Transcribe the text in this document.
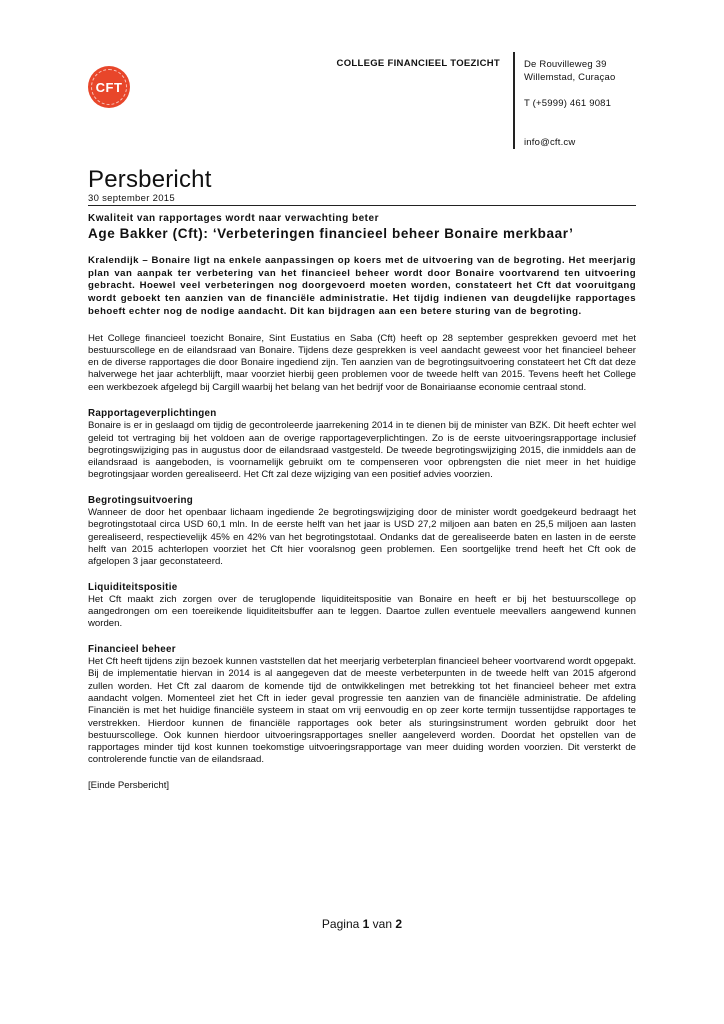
CFT
COLLEGE FINANCIEEL TOEZICHT	De Rouvilleweg 39
Willemstad, Curaçao
T (+5999) 461 9081
info@cft.cw
Persbericht
30 september 2015
Kwaliteit van rapportages wordt naar verwachting beter
Age Bakker (Cft): ‘Verbeteringen financieel beheer Bonaire merkbaar’

Kralendijk – Bonaire ligt na enkele aanpassingen op koers met de uitvoering van de begroting. Het meerjarig plan van aanpak ter verbetering van het financieel beheer wordt door Bonaire voortvarend ten uitvoering gebracht. Hoewel veel verbeteringen nog doorgevoerd moeten worden, constateert het Cft dat vooruitgang wordt geboekt ten aanzien van de financiële administratie. Het tijdig indienen van deugdelijke rapportages behoeft echter nog de nodige aandacht. Dit kan bijdragen aan een betere sturing van de begroting.

Het College financieel toezicht Bonaire, Sint Eustatius en Saba (Cft) heeft op 28 september gesprekken gevoerd met het bestuurscollege en de eilandsraad van Bonaire. Tijdens deze gesprekken is veel aandacht geweest voor het financieel beheer en de diverse rapportages die door Bonaire ingediend zijn. Ten aanzien van de begrotingsuitvoering constateert het Cft dat deze halverwege het jaar achterblijft, maar voorziet hierbij geen problemen voor de tweede helft van 2015. Tevens heeft het College een werkbezoek afgelegd bij Cargill waarbij het belang van het bedrijf voor de Bonairiaanse economie centraal stond.

Rapportageverplichtingen

Bonaire is er in geslaagd om tijdig de gecontroleerde jaarrekening 2014 in te dienen bij de minister van BZK. Dit heeft echter wel geleid tot vertraging bij het voldoen aan de overige rapportageverplichtingen. Zo is de eerste uitvoeringsrapportage inclusief begrotingswijziging pas in augustus door de eilandsraad vastgesteld. De tweede begrotingswijziging 2015, die inmiddels aan de eilandsraad is aangeboden, is voornamelijk gebruikt om te compenseren voor opbrengsten die niet meer in het huidige begrotingsjaar worden gerealiseerd. Het Cft zal deze wijziging van een positief advies voorzien.

Begrotingsuitvoering

Wanneer de door het openbaar lichaam ingediende 2e begrotingswijziging door de minister wordt goedgekeurd bedraagt het begrotingstotaal circa USD 60,1 mln. In de eerste helft van het jaar is USD 27,2 miljoen aan baten en 25,5 miljoen aan lasten gerealiseerd, respectievelijk 45% en 42% van het begrotingstotaal. Ondanks dat de gerealiseerde baten en lasten in de eerste helft van 2015 achterlopen voorziet het Cft hier vooralsnog geen problemen. Een soortgelijke trend heeft het Cft ook de afgelopen 3 jaar geconstateerd.

Liquiditeitspositie

Het Cft maakt zich zorgen over de teruglopende liquiditeitspositie van Bonaire en heeft er bij het bestuurscollege op aangedrongen om een toereikende liquiditeitsbuffer aan te leggen. Daartoe zullen eventuele meevallers aangewend kunnen worden.

Financieel beheer

Het Cft heeft tijdens zijn bezoek kunnen vaststellen dat het meerjarig verbeterplan financieel beheer voortvarend wordt opgepakt. Bij de implementatie hiervan in 2014 is al aangegeven dat de meeste verbeterpunten in de tweede helft van 2015 afgerond zullen worden. Het Cft zal daarom de komende tijd de ontwikkelingen met betrekking tot het financieel beheer met extra aandacht volgen. Momenteel ziet het Cft in ieder geval progressie ten aanzien van de financiële administratie. De afdeling Financiën is met het huidige financiële systeem in staat om vrij eenvoudig en op zeer korte termijn tussentijdse rapportages te verstrekken. Hierdoor kunnen de financiële rapportages ook beter als sturingsinstrument worden gebruikt door het bestuurscollege. Ook kunnen hierdoor uitvoeringsrapportages sneller aangeleverd worden. Doordat het opstellen van de rapportages minder tijd kost kunnen toekomstige uitvoeringsrapportage van meer duiding worden voorzien. Dit versterkt de controlerende functie van de eilandsraad.

[Einde Persbericht]

Pagina 1 van 2
